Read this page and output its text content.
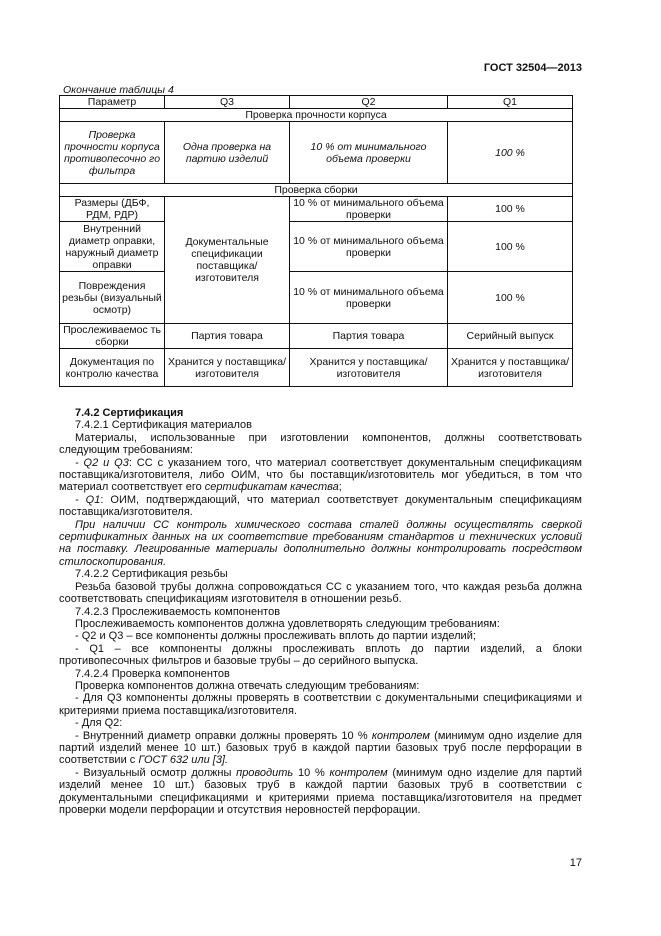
ГОСТ 32504—2013
Окончание таблицы 4
Параметр	Q3	Q2	Q1
Проверка прочности корпуса			
Проверка прочности корпуса противопесочно го фильтра	Одна проверка на партию изделий	10 % от минимального объема проверки	100 %
Проверка сборки			
Размеры (ДБФ, РДМ, РДР)	Документальные спецификации поставщика/ изготовителя	10 % от минимального объема проверки	100 %
Внутренний диаметр оправки, наружный диаметр оправки		10 % от минимального объема проверки	100 %
Повреждения резьбы (визуальный осмотр)		10 % от минимального объема проверки	100 %
Прослеживаемос ть сборки	Партия товара	Партия товара	Серийный выпуск
Документация по контролю качества	Хранится у поставщика/ изготовителя	Хранится у поставщика/ изготовителя	Хранится у поставщика/ изготовителя

7.4.2 Сертификация

7.4.2.1 Сертификация материалов

Материалы, использованные при изготовлении компонентов, должны соответствовать следующим требованиям:

- Q2 и Q3: СС с указанием того, что материал соответствует документальным спецификациям поставщика/изготовителя, либо ОИМ, что бы поставщик/изготовитель мог убедиться, в том что материал соответствует его сертификатам качества;

- Q1: ОИМ, подтверждающий, что материал соответствует документальным спецификациям поставщика/изготовителя.

При наличии СС контроль химического состава сталей должны осуществлять сверкой сертификатных данных на их соответствие требованиям стандартов и технических условий на поставку. Легированные материалы дополнительно должны контролировать посредством стилоскопирования.

7.4.2.2 Сертификация резьбы

Резьба базовой трубы должна сопровождаться СС с указанием того, что каждая резьба должна соответствовать спецификациям изготовителя в отношении резьб.

7.4.2.3 Прослеживаемость компонентов

Прослеживаемость компонентов должна удовлетворять следующим требованиям:

- Q2 и Q3 – все компоненты должны прослеживать вплоть до партии изделий;

- Q1 – все компоненты должны прослеживать вплоть до партии изделий, а блоки противопесочных фильтров и базовые трубы – до серийного выпуска.

7.4.2.4 Проверка компонентов

Проверка компонентов должна отвечать следующим требованиям:

- Для Q3 компоненты должны проверять в соответствии с документальными спецификациями и критериями приема поставщика/изготовителя.

- Для Q2:

- Внутренний диаметр оправки должны проверять 10 % контролем (минимум одно изделие для партий изделий менее 10 шт.) базовых труб в каждой партии базовых труб после перфорации в соответствии с ГОСТ 632 или [3].

- Визуальный осмотр должны проводить 10 % контролем (минимум одно изделие для партий изделий менее 10 шт.) базовых труб в каждой партии базовых труб в соответствии с документальными спецификациями и критериями приема поставщика/изготовителя на предмет проверки модели перфорации и отсутствия неровностей перфорации.

17
